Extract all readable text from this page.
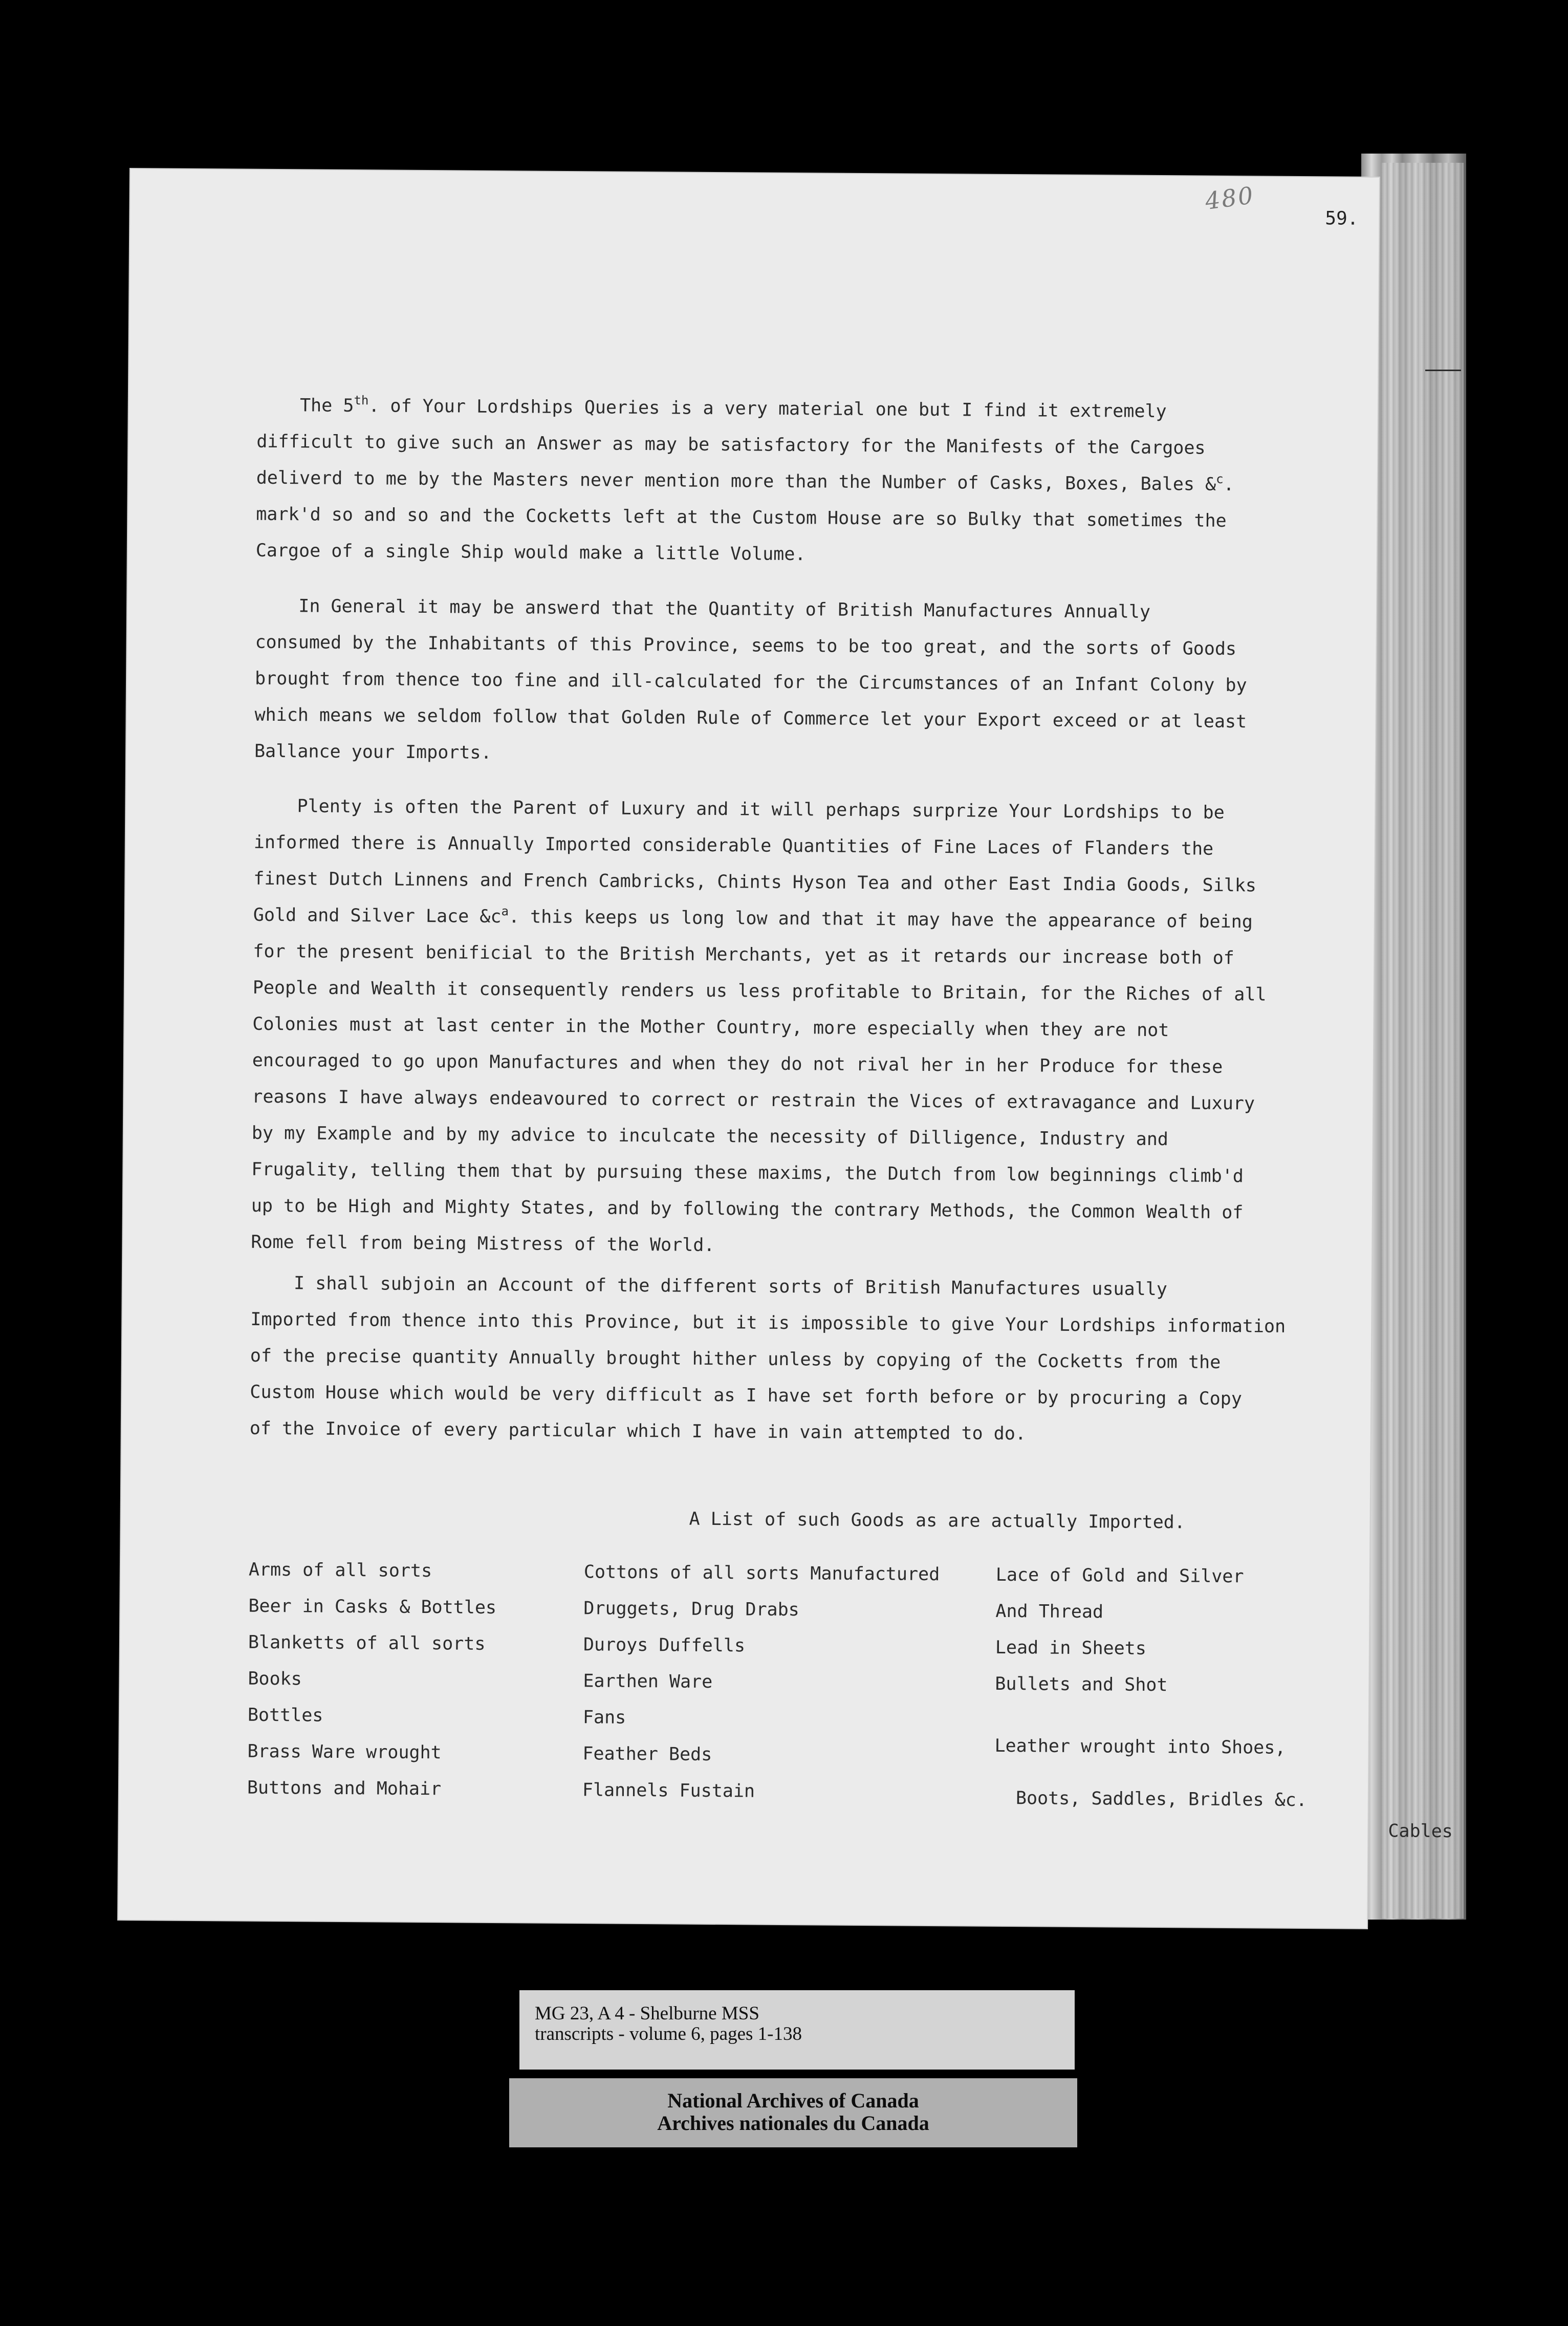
480
59.
The 5th. of Your Lordships Queries is a very material one but I find it extremely
difficult to give such an Answer as may be satisfactory for the Manifests of the Cargoes
deliverd to me by the Masters never mention more than the Number of Casks, Boxes, Bales &$^c$.
mark'd so and so and the Cocketts left at the Custom House are so Bulky that sometimes the
Cargoe of a single Ship would make a little Volume.
In General it may be answerd that the Quantity of British Manufactures Annually
consumed by the Inhabitants of this Province, seems to be too great, and the sorts of Goods
brought from thence too fine and ill-calculated for the Circumstances of an Infant Colony by
which means we seldom follow that Golden Rule of Commerce let your Export exceed or at least
Ballance your Imports.
Plenty is often the Parent of Luxury and it will perhaps surprize Your Lordships to be
informed there is Annually Imported considerable Quantities of Fine Laces of Flanders the
finest Dutch Linnens and French Cambricks, Chints Hyson Tea and other East India Goods, Silks
Gold and Silver Lace $\&c^a$. this keeps us long low and that it may have the appearance of being
for the present benificial to the British Merchants, yet as it retards our increase both of
People and Wealth it consequently renders us less profitable to Britain, for the Riches of all
Colonies must at last center in the Mother Country, more especially when they are not
encouraged to go upon Manufactures and when they do not rival her in her Produce for these
reasons I have always endeavoured to correct or restrain the Vices of extravagance and Luxury
by my Example and by my advice to inculcate the necessity of Dilligence, Industry and
Frugality, telling them that by pursuing these maxims, the Dutch from low beginnings climb'd
up to be High and Mighty States, and by following the contrary Methods, the Common Wealth of
Rome fell from being Mistress of the World.
I shall subjoin an Account of the different sorts of British Manufactures usually
Imported from thence into this Province, but it is impossible to give Your Lordships information
of the precise quantity Annually brought hither unless by copying of the Cocketts from the
Custom House which would be very difficult as I have set forth before or by procuring a Copy
of the Invoice of every particular which I have in vain attempted to do.
A List of such Goods as are actually Imported.
Arms of all sorts
Beer in Casks & Bottles
Blanketts of all sorts
Books
Bottles
Brass Ware wrought
Buttons and Mohair
Cottons of all sorts Manufactured
Druggets, Drug Drabs
Duroys Duffells
Earthen Ware
Fans
Feather Beds
Flannels Fustain
Lace of Gold and Silver
And Thread
Lead in Sheets
Bullets and Shot

Leather wrought into Shoes,

Boots, Saddles, Bridles &c.

Cables
MG 23, A 4 - Shelburne MSS
transcripts - volume 6, pages 1-138
National Archives of Canada
Archives nationales du Canada
